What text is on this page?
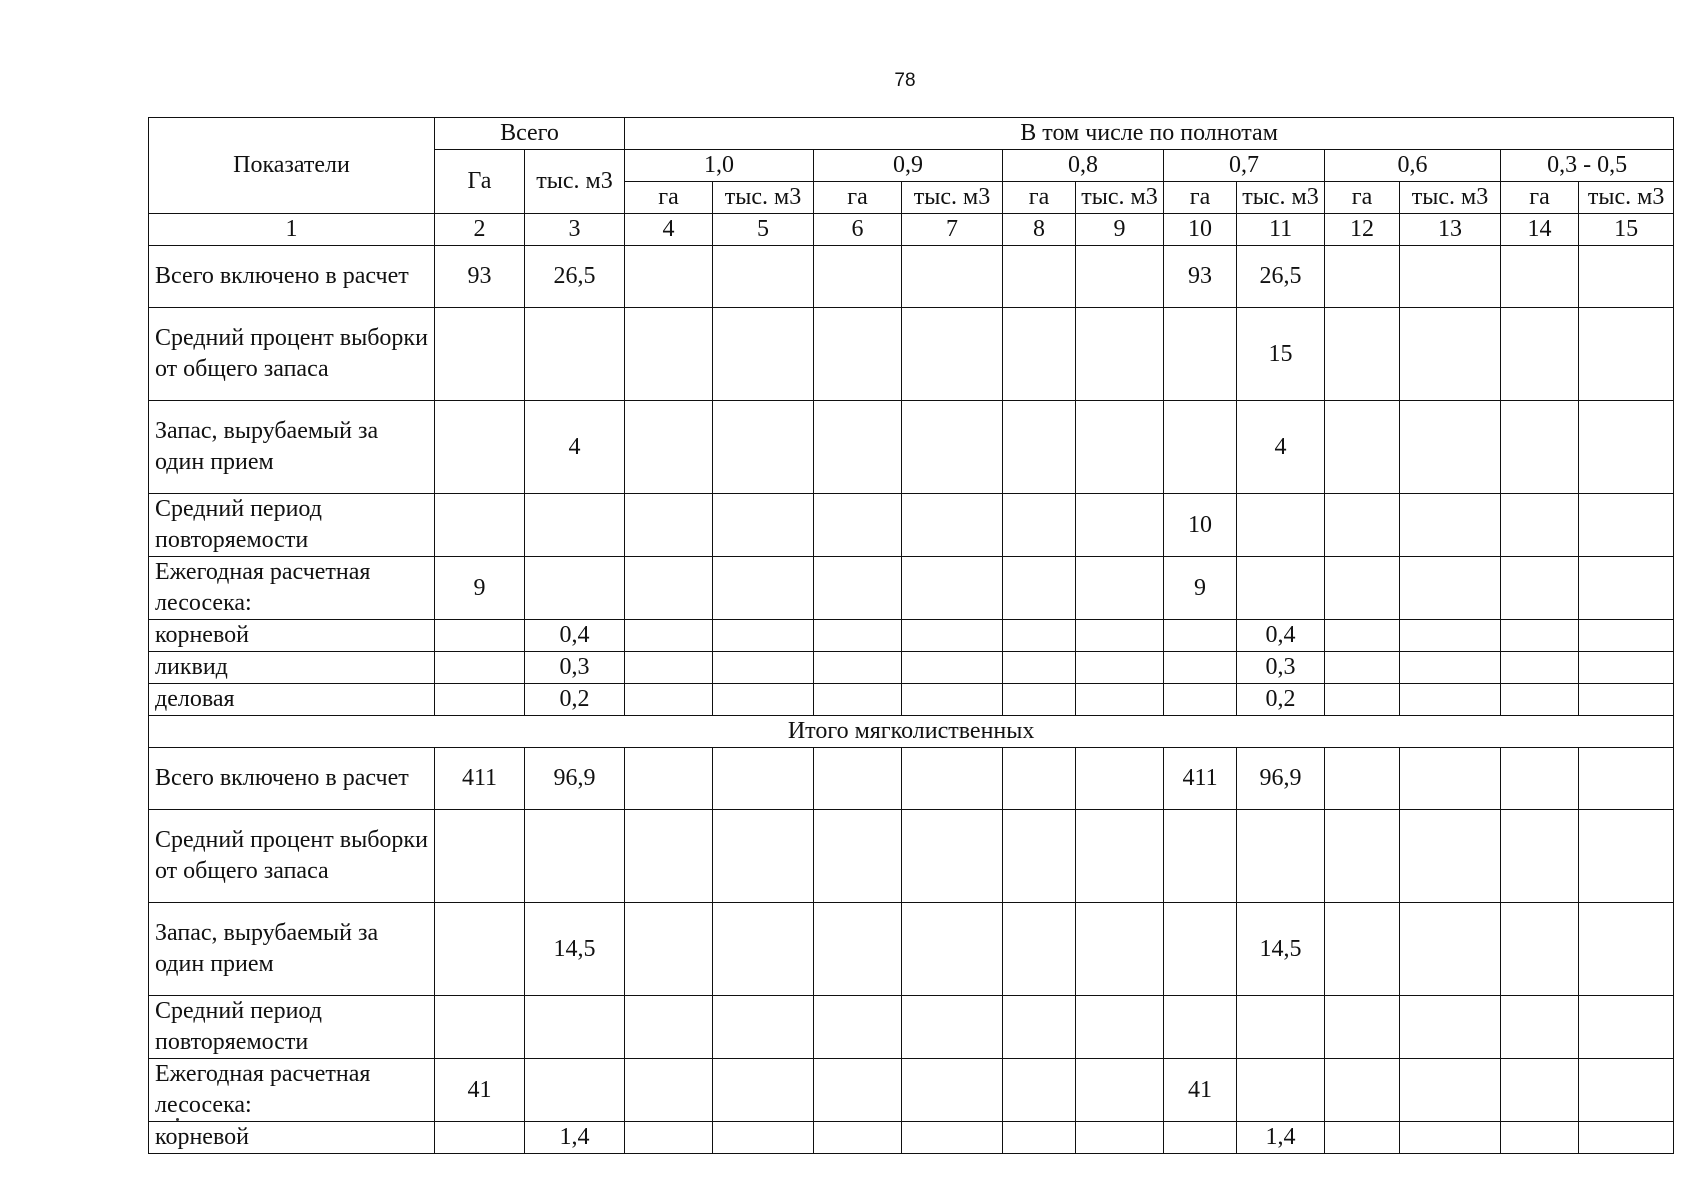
78
Показатели	Всего		В том числе по полнотам											
	Га	тыс. м3	1,0		0,9		0,8		0,7		0,6		0,3 - 0,5	
			га	тыс. м3	га	тыс. м3	га	тыс. м3	га	тыс. м3	га	тыс. м3	га	тыс. м3
1	2	3	4	5	6	7	8	9	10	11	12	13	14	15
Всего включено в расчет	93	26,5							93	26,5				
Средний процент выборки от общего запаса										15				
Запас, вырубаемый за один прием		4								4				
Средний период повторяемости									10					
Ежегодная расчетная лесосека:	9								9					
корневой		0,4								0,4				
ликвид		0,3								0,3				
деловая		0,2								0,2				
Итого мягколиственных														
Всего включено в расчет	411	96,9							411	96,9				
Средний процент выборки от общего запаса														
Запас, вырубаемый за один прием		14,5								14,5				
Средний период повторяемости														
Ежегодная расчетная лесосека:	41								41					
корневой		1,4								1,4				
